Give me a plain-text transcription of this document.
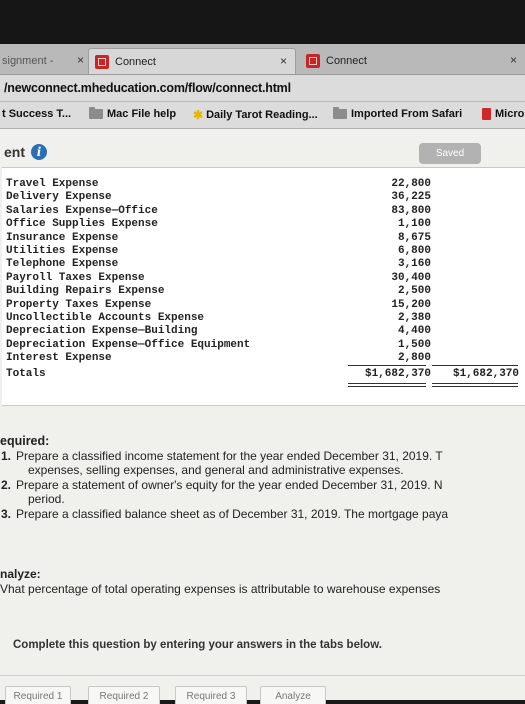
signment - ×	Connect	×	Connect	×
/newconnect.mheducation.com/flow/connect.html
t Success T...	Mac File help ✱ Daily Tarot Reading...	Imported From Safari	Micro
ent i	Saved
Travel Expense	22,800
Delivery Expense	36,225
Salaries Expense—Office	83,800
Office Supplies Expense	1,100
Insurance Expense	8,675
Utilities Expense	6,800
Telephone Expense	3,160
Payroll Taxes Expense	30,400
Building Repairs Expense	2,500
Property Taxes Expense	15,200
Uncollectible Accounts Expense	2,380
Depreciation Expense—Building	4,400
Depreciation Expense—Office Equipment	1,500
Interest Expense	2,800
Totals	$1,682,370 $1,682,370
equired:
1. Prepare a classified income statement for the year ended December 31, 2019. T
expenses, selling expenses, and general and administrative expenses.
2. Prepare a statement of owner's equity for the year ended December 31, 2019. N
period.
3. Prepare a classified balance sheet as of December 31, 2019. The mortgage paya
nalyze:
Vhat percentage of total operating expenses is attributable to warehouse expenses
Complete this question by entering your answers in the tabs below.
Required 1	Required 2	Required 3	Analyze
